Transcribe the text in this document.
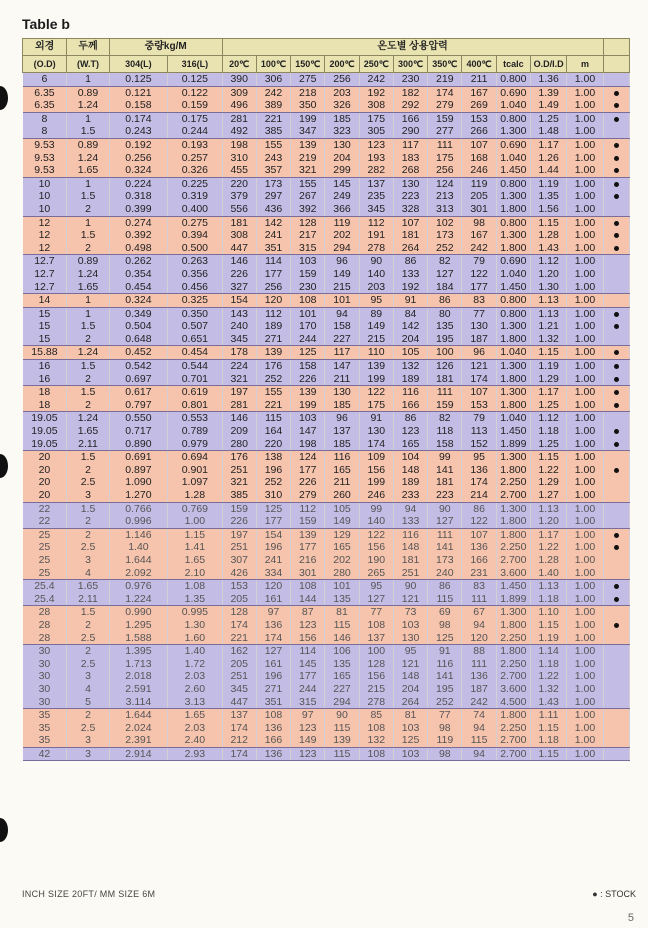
Table b
외경	두께	중량kg/M		온도별 상용압력											
(O.D)	(W.T)	304(L)	316(L)	20℃	100℃	150℃	200℃	250℃	300℃	350℃	400℃	tcalc	O.D/I.D	m	
6	1	0.125	0.125	390	306	275	256	242	230	219	211	0.800	1.36	1.00	
6.35	0.89	0.121	0.122	309	242	218	203	192	182	174	167	0.690	1.39	1.00	
6.35	1.24	0.158	0.159	496	389	350	326	308	292	279	269	1.040	1.49	1.00	
8	1	0.174	0.175	281	221	199	185	175	166	159	153	0.800	1.25	1.00	
8	1.5	0.243	0.244	492	385	347	323	305	290	277	266	1.300	1.48	1.00	
9.53	0.89	0.192	0.193	198	155	139	130	123	117	111	107	0.690	1.17	1.00	
9.53	1.24	0.256	0.257	310	243	219	204	193	183	175	168	1.040	1.26	1.00	
9.53	1.65	0.324	0.326	455	357	321	299	282	268	256	246	1.450	1.44	1.00	
10	1	0.224	0.225	220	173	155	145	137	130	124	119	0.800	1.19	1.00	
10	1.5	0.318	0.319	379	297	267	249	235	223	213	205	1.300	1.35	1.00	
10	2	0.399	0.400	556	436	392	366	345	328	313	301	1.800	1.56	1.00	
12	1	0.274	0.275	181	142	128	119	112	107	102	98	0.800	1.15	1.00	
12	1.5	0.392	0.394	308	241	217	202	191	181	173	167	1.300	1.28	1.00	
12	2	0.498	0.500	447	351	315	294	278	264	252	242	1.800	1.43	1.00	
12.7	0.89	0.262	0.263	146	114	103	96	90	86	82	79	0.690	1.12	1.00	
12.7	1.24	0.354	0.356	226	177	159	149	140	133	127	122	1.040	1.20	1.00	
12.7	1.65	0.454	0.456	327	256	230	215	203	192	184	177	1.450	1.30	1.00	
14	1	0.324	0.325	154	120	108	101	95	91	86	83	0.800	1.13	1.00	
15	1	0.349	0.350	143	112	101	94	89	84	80	77	0.800	1.13	1.00	
15	1.5	0.504	0.507	240	189	170	158	149	142	135	130	1.300	1.21	1.00	
15	2	0.648	0.651	345	271	244	227	215	204	195	187	1.800	1.32	1.00	
15.88	1.24	0.452	0.454	178	139	125	117	110	105	100	96	1.040	1.15	1.00	
16	1.5	0.542	0.544	224	176	158	147	139	132	126	121	1.300	1.19	1.00	
16	2	0.697	0.701	321	252	226	211	199	189	181	174	1.800	1.29	1.00	
18	1.5	0.617	0.619	197	155	139	130	122	116	111	107	1.300	1.17	1.00	
18	2	0.797	0.801	281	221	199	185	175	166	159	153	1.800	1.25	1.00	
19.05	1.24	0.550	0.553	146	115	103	96	91	86	82	79	1.040	1.12	1.00	
19.05	1.65	0.717	0.789	209	164	147	137	130	123	118	113	1.450	1.18	1.00	
19.05	2.11	0.890	0.979	280	220	198	185	174	165	158	152	1.899	1.25	1.00	
20	1.5	0.691	0.694	176	138	124	116	109	104	99	95	1.300	1.15	1.00	
20	2	0.897	0.901	251	196	177	165	156	148	141	136	1.800	1.22	1.00	
20	2.5	1.090	1.097	321	252	226	211	199	189	181	174	2.250	1.29	1.00	
20	3	1.270	1.28	385	310	279	260	246	233	223	214	2.700	1.27	1.00	
22	1.5	0.766	0.769	159	125	112	105	99	94	90	86	1.300	1.13	1.00	
22	2	0.996	1.00	226	177	159	149	140	133	127	122	1.800	1.20	1.00	
25	2	1.146	1.15	197	154	139	129	122	116	111	107	1.800	1.17	1.00	
25	2.5	1.40	1.41	251	196	177	165	156	148	141	136	2.250	1.22	1.00	
25	3	1.644	1.65	307	241	216	202	190	181	173	166	2.700	1.28	1.00	
25	4	2.092	2.10	426	334	301	280	265	251	240	231	3.600	1.40	1.00	
25.4	1.65	0.976	1.08	153	120	108	101	95	90	86	83	1.450	1.13	1.00	
25.4	2.11	1.224	1.35	205	161	144	135	127	121	115	111	1.899	1.18	1.00	
28	1.5	0.990	0.995	128	97	87	81	77	73	69	67	1.300	1.10	1.00	
28	2	1.295	1.30	174	136	123	115	108	103	98	94	1.800	1.15	1.00	
28	2.5	1.588	1.60	221	174	156	146	137	130	125	120	2.250	1.19	1.00	
30	2	1.395	1.40	162	127	114	106	100	95	91	88	1.800	1.14	1.00	
30	2.5	1.713	1.72	205	161	145	135	128	121	116	111	2.250	1.18	1.00	
30	3	2.018	2.03	251	196	177	165	156	148	141	136	2.700	1.22	1.00	
30	4	2.591	2.60	345	271	244	227	215	204	195	187	3.600	1.32	1.00	
30	5	3.114	3.13	447	351	315	294	278	264	252	242	4.500	1.43	1.00	
35	2	1.644	1.65	137	108	97	90	85	81	77	74	1.800	1.11	1.00	
35	2.5	2.024	2.03	174	136	123	115	108	103	98	94	2.250	1.15	1.00	
35	3	2.391	2.40	212	166	149	139	132	125	119	115	2.700	1.18	1.00	
42	3	2.914	2.93	174	136	123	115	108	103	98	94	2.700	1.15	1.00	
INCH SIZE 20FT/ MM SIZE 6M	● : STOCK
5
